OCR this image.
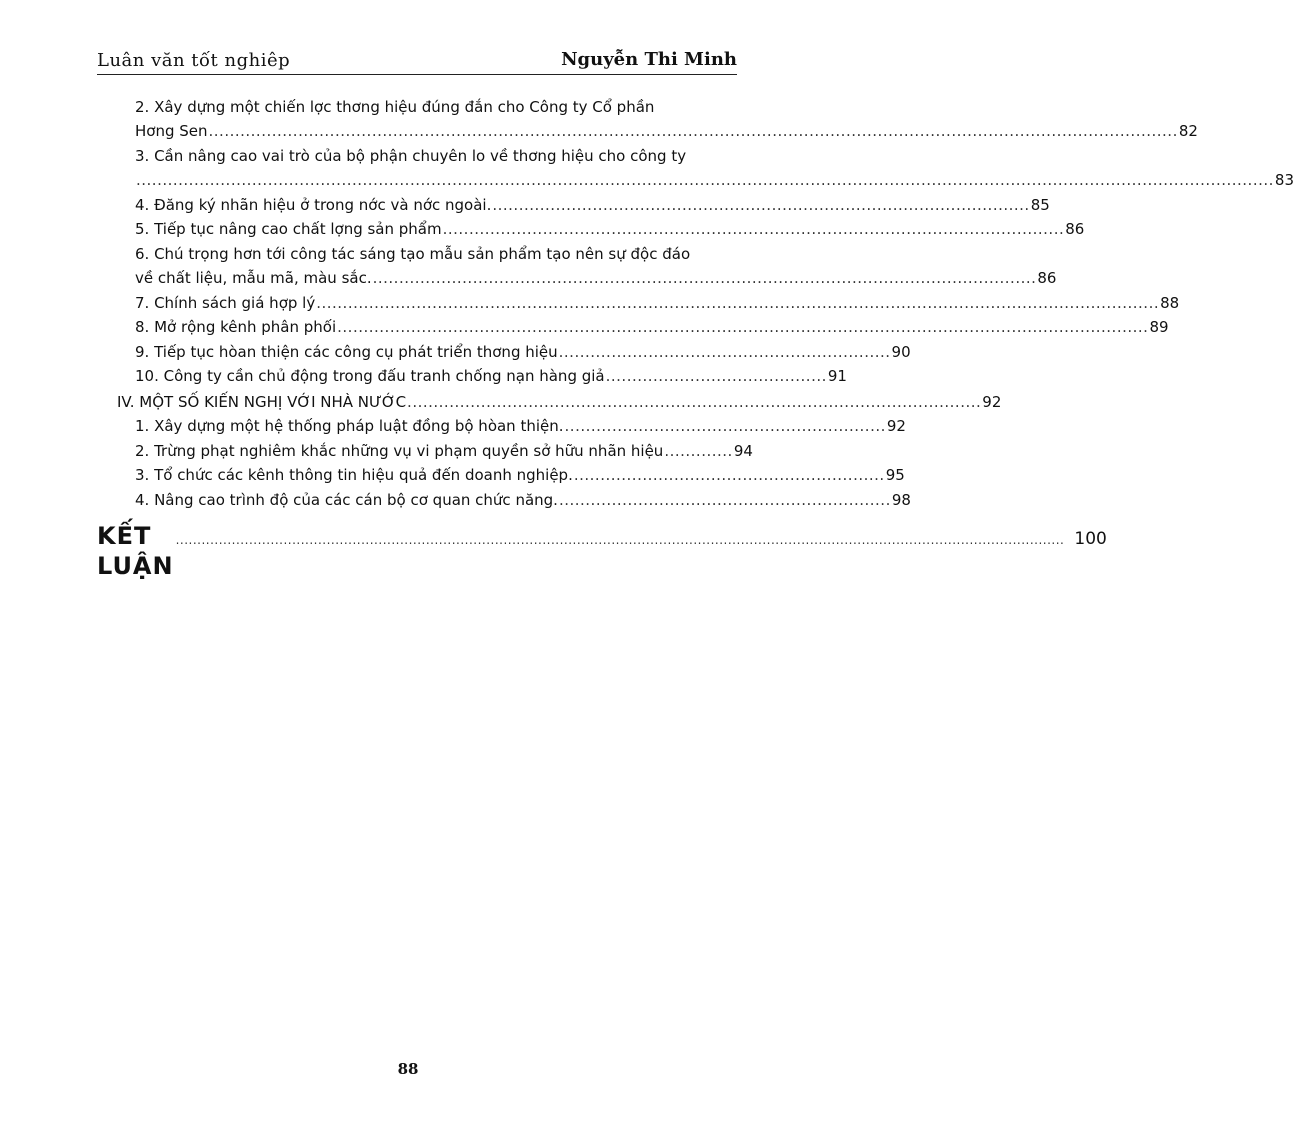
Luân văn tốt nghiêp	Nguyễn Thi Minh
2. Xây dựng một chiến lợc thơng hiệu đúng đắn cho Công ty Cổ phần
Hơng Sen ........................................................................................................................................................................................ 82
3. Cần nâng cao vai trò của bộ phận chuyên lo về thơng hiệu cho công ty
........................................................................................................................................................................................................................ 83
4. Đăng ký nhãn hiệu ở trong nớc và nớc ngoài. ...................................................................................................... 85
5. Tiếp tục nâng cao chất lợng sản phẩm ...................................................................................................................... 86
6. Chú trọng hơn tới công tác sáng tạo mẫu sản phẩm tạo nên sự độc đáo
về chất liệu, mẫu mã, màu sắc. .............................................................................................................................. 86
7. Chính sách giá hợp lý ................................................................................................................................................................ 88
8. Mở rộng kênh phân phối .......................................................................................................................................................... 89
9. Tiếp tục hòan thiện các công cụ phát triển thơng hiệu ............................................................... 90
10. Công ty cần chủ động trong đấu tranh chống nạn hàng giả .......................................... 91
IV. MỘT SỐ KIẾN NGHỊ VỚI NHÀ NƯỚC ............................................................................................................. 92
1. Xây dựng một hệ thống pháp luật đồng bộ hòan thiện. ............................................................. 92
2. Trừng phạt nghiêm khắc những vụ vi phạm quyền sở hữu nhãn hiệu ............. 94
3. Tổ chức các kênh thông tin hiệu quả đến doanh nghiệp. ........................................................... 95
4. Nâng cao trình độ của các cán bộ cơ quan chức năng. ............................................................... 98
KẾT LUẬN
.............................................................................................................................................................................................................. 100
88
